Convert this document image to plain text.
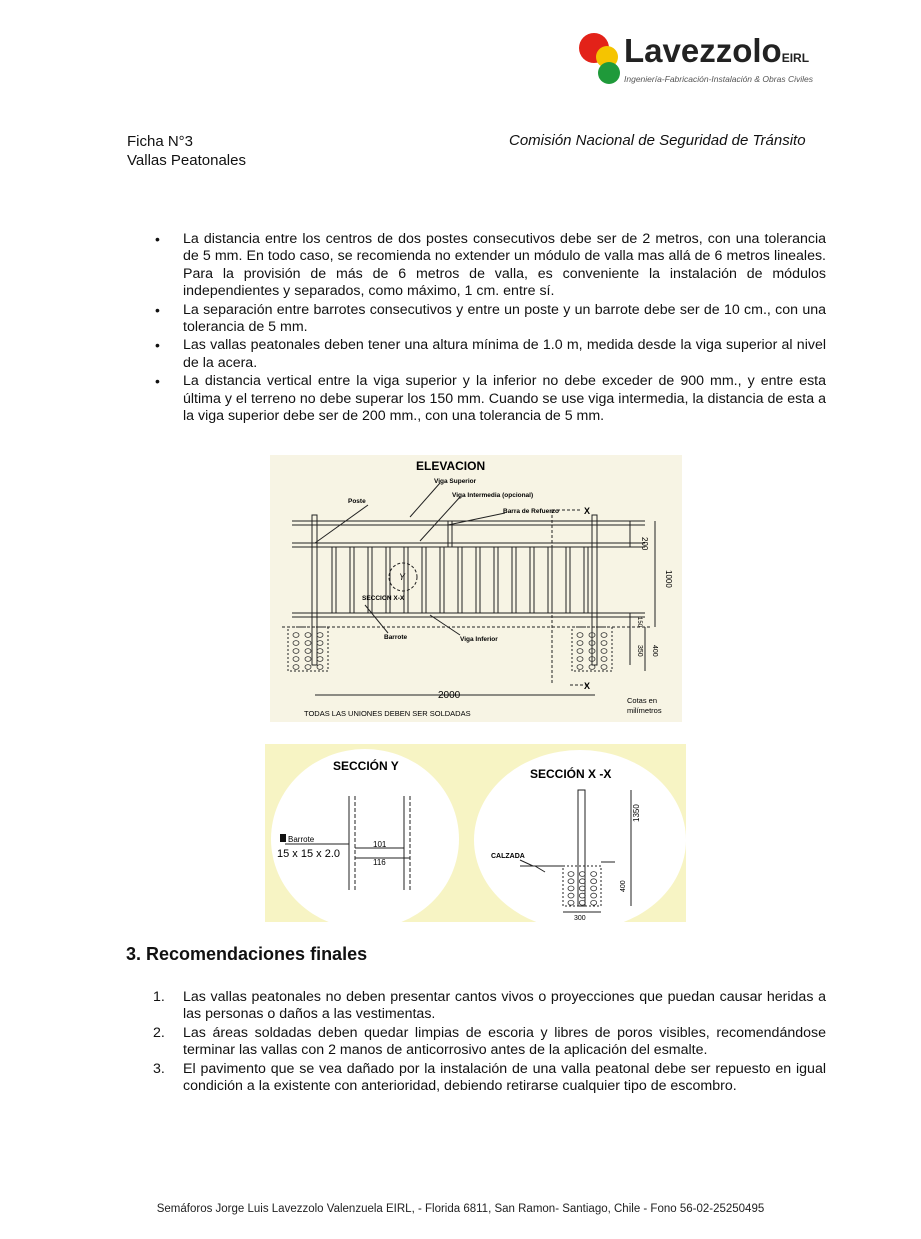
LavezzoloEIRL
Ingeniería-Fabricación-Instalación & Obras Civiles
Ficha N°3
Vallas Peatonales
Comisión Nacional de Seguridad de Tránsito
• La distancia entre los centros de dos postes consecutivos debe ser de 2 metros, con una tolerancia de 5 mm. En todo caso, se recomienda no extender un módulo de valla mas allá de 6 metros lineales. Para la provisión de más de 6 metros de valla, es conveniente la instalación de módulos independientes y separados, como máximo, 1 cm. entre sí.
• La separación entre barrotes consecutivos y entre un poste y un barrote debe ser de 10 cm., con una tolerancia de 5 mm.
• Las vallas peatonales deben tener una altura mínima de 1.0 m, medida desde la viga superior al nivel de la acera.
• La distancia vertical entre la viga superior y la inferior no debe exceder de 900 mm., y entre esta última y el terreno no debe superar los 150 mm. Cuando se use viga intermedia, la distancia de esta a la viga superior debe ser de 200 mm., con una tolerancia de 5 mm.
ELEVACION
Viga Superior
Viga Intermedia (opcional)
Poste
Barra de Refuerzo	X
Y
SECCION X-X
Barrote	Viga Inferior
X
200
1000
150
350 400
2000
TODAS LAS UNIONES DEBEN SER SOLDADAS
Cotas en
milímetros
SECCIÓN Y
SECCIÓN X -X
Barrote
15 x 15 x 2.0
101
116
CALZADA
1350
400
300
3. Recomendaciones finales
1. Las vallas peatonales no deben presentar cantos vivos o proyecciones que puedan causar heridas a las personas o daños a las vestimentas.
2. Las áreas soldadas deben quedar limpias de escoria y libres de poros visibles, recomendándose terminar las vallas con 2 manos de anticorrosivo antes de la aplicación del esmalte.
3. El pavimento que se vea dañado por la instalación de una valla peatonal debe ser repuesto en igual condición a la existente con anterioridad, debiendo retirarse cualquier tipo de escombro.
Semáforos Jorge Luis Lavezzolo Valenzuela EIRL, - Florida 6811, San Ramon- Santiago, Chile - Fono 56-02-25250495
